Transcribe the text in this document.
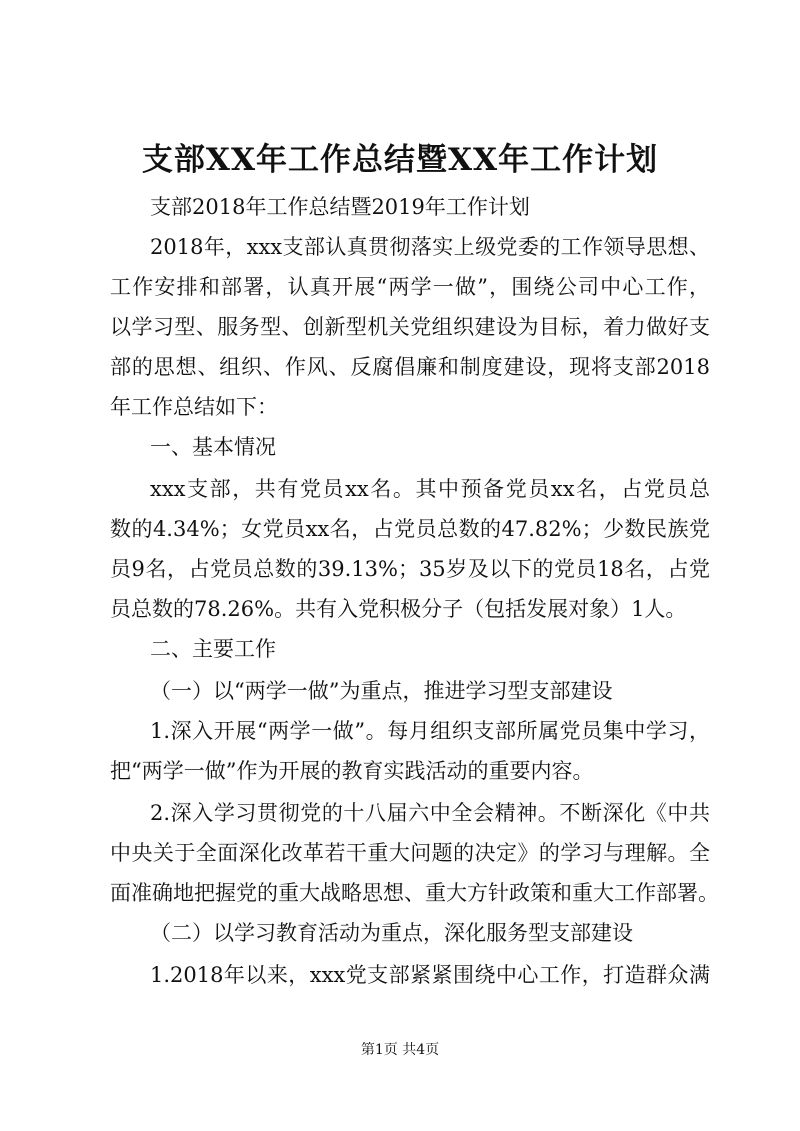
支部XX年工作总结暨XX年工作计划
支部2018年工作总结暨2019年工作计划
2018年，xxx支部认真贯彻落实上级党委的工作领导思想、
工作安排和部署，认真开展“两学一做”，围绕公司中心工作，
以学习型、服务型、创新型机关党组织建设为目标，着力做好支
部的思想、组织、作风、反腐倡廉和制度建设，现将支部2018
年工作总结如下：
一、基本情况
xxx支部，共有党员xx名。其中预备党员xx名，占党员总
数的4.34%；女党员xx名，占党员总数的47.82%；少数民族党
员9名，占党员总数的39.13%；35岁及以下的党员18名，占党
员总数的78.26%。共有入党积极分子（包括发展对象）1人。
二、主要工作
（一）以“两学一做”为重点，推进学习型支部建设
1.深入开展“两学一做”。每月组织支部所属党员集中学习，
把“两学一做”作为开展的教育实践活动的重要内容。
2.深入学习贯彻党的十八届六中全会精神。不断深化《中共
中央关于全面深化改革若干重大问题的决定》的学习与理解。全
面准确地把握党的重大战略思想、重大方针政策和重大工作部署。
（二）以学习教育活动为重点，深化服务型支部建设
1.2018年以来，xxx党支部紧紧围绕中心工作，打造群众满
第1页 共4页
